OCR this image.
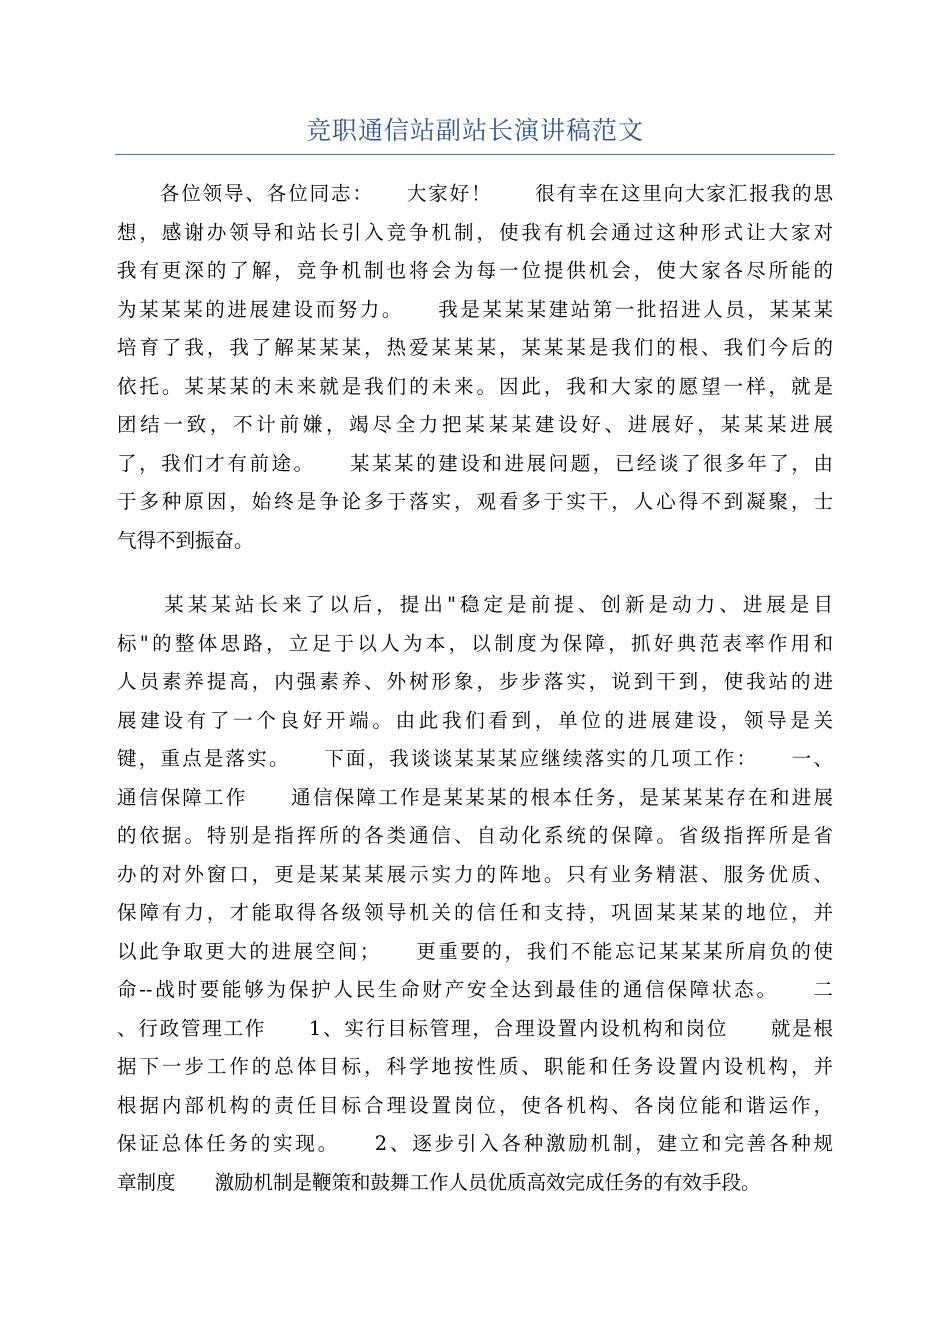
竞职通信站副站长演讲稿范文
　　各位领导、各位同志：　　大家好！　　很有幸在这里向大家汇报我的思
想，感谢办领导和站长引入竞争机制，使我有机会通过这种形式让大家对
我有更深的了解，竞争机制也将会为每一位提供机会，使大家各尽所能的
为某某某的进展建设而努力。　　我是某某某建站第一批招进人员，某某某
培育了我，我了解某某某，热爱某某某，某某某是我们的根、我们今后的
依托。某某某的未来就是我们的未来。因此，我和大家的愿望一样，就是
团结一致，不计前嫌，竭尽全力把某某某建设好、进展好，某某某进展
了，我们才有前途。　　某某某的建设和进展问题，已经谈了很多年了，由
于多种原因，始终是争论多于落实，观看多于实干，人心得不到凝聚，士
气得不到振奋。
　　某某某站长来了以后，提出"稳定是前提、创新是动力、进展是目
标"的整体思路，立足于以人为本，以制度为保障，抓好典范表率作用和
人员素养提高，内强素养、外树形象，步步落实，说到干到，使我站的进
展建设有了一个良好开端。由此我们看到，单位的进展建设，领导是关
键，重点是落实。　　下面，我谈谈某某某应继续落实的几项工作：　　一、
通信保障工作　　通信保障工作是某某某的根本任务，是某某某存在和进展
的依据。特别是指挥所的各类通信、自动化系统的保障。省级指挥所是省
办的对外窗口，更是某某某展示实力的阵地。只有业务精湛、服务优质、
保障有力，才能取得各级领导机关的信任和支持，巩固某某某的地位，并
以此争取更大的进展空间；　　更重要的，我们不能忘记某某某所肩负的使
命--战时要能够为保护人民生命财产安全达到最佳的通信保障状态。　　二
、行政管理工作　　1、实行目标管理，合理设置内设机构和岗位　　就是根
据下一步工作的总体目标，科学地按性质、职能和任务设置内设机构，并
根据内部机构的责任目标合理设置岗位，使各机构、各岗位能和谐运作，
保证总体任务的实现。　　2、逐步引入各种激励机制，建立和完善各种规
章制度　　激励机制是鞭策和鼓舞工作人员优质高效完成任务的有效手段。
